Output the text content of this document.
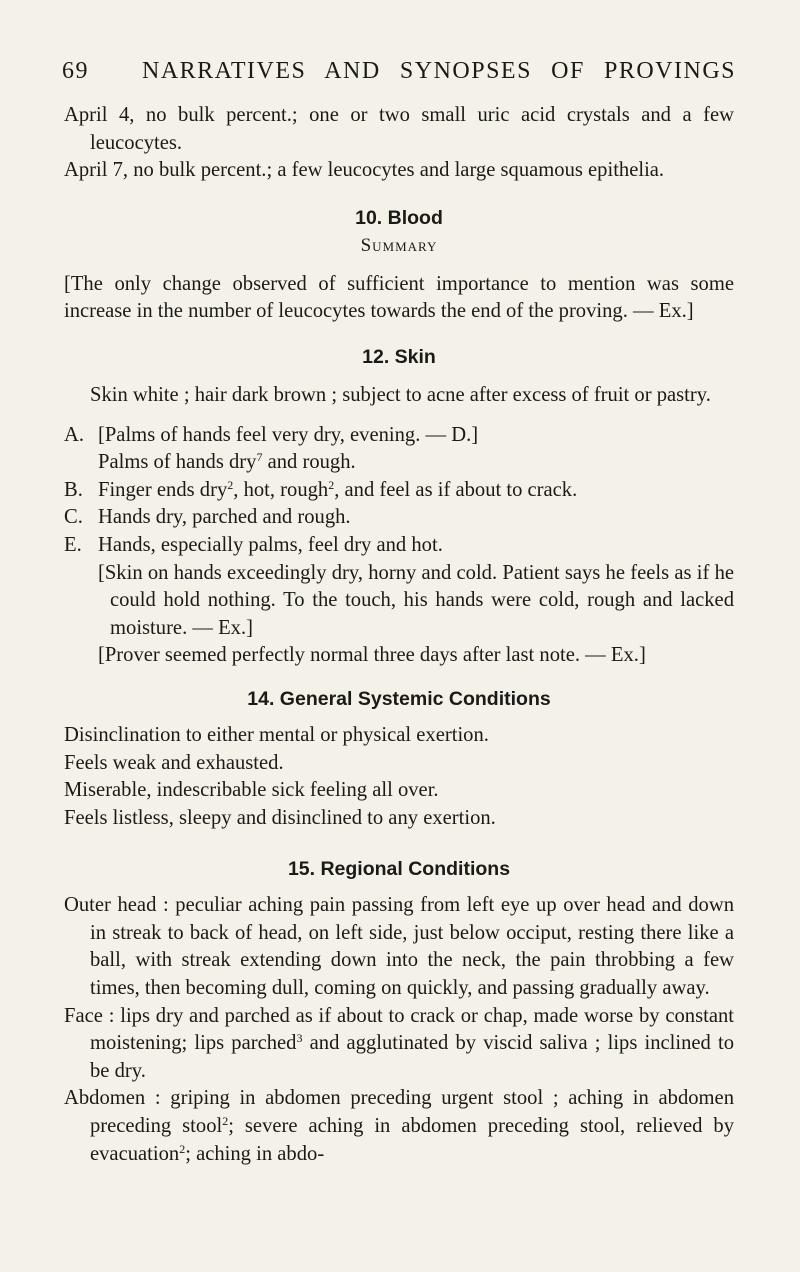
69 NARRATIVES AND SYNOPSES OF PROVINGS

April 4, no bulk percent.; one or two small uric acid crystals and a few leucocytes.

April 7, no bulk percent.; a few leucocytes and large squamous epithelia.

10. Blood
Summary

[The only change observed of sufficient importance to mention was some increase in the number of leucocytes towards the end of the proving. — Ex.]

12. Skin

Skin white ; hair dark brown ; subject to acne after excess of fruit or pastry.

A. [Palms of hands feel very dry, evening. — D.]

Palms of hands dry$^7$ and rough.

B. Finger ends dry$^2$, hot, rough$^2$, and feel as if about to crack.

C. Hands dry, parched and rough.

E. Hands, especially palms, feel dry and hot.

[Skin on hands exceedingly dry, horny and cold. Patient says he feels as if he could hold nothing. To the touch, his hands were cold, rough and lacked moisture. — Ex.]

[Prover seemed perfectly normal three days after last note. — Ex.]

14. General Systemic Conditions

Disinclination to either mental or physical exertion.

Feels weak and exhausted.

Miserable, indescribable sick feeling all over.

Feels listless, sleepy and disinclined to any exertion.

15. Regional Conditions

Outer head : peculiar aching pain passing from left eye up over head and down in streak to back of head, on left side, just below occiput, resting there like a ball, with streak extending down into the neck, the pain throbbing a few times, then becoming dull, coming on quickly, and passing gradually away.

Face : lips dry and parched as if about to crack or chap, made worse by constant moistening; lips parched$^3$ and agglutinated by viscid saliva ; lips inclined to be dry.

Abdomen : griping in abdomen preceding urgent stool ; aching in abdomen preceding stool$^2$; severe aching in abdomen preceding stool, relieved by evacuation$^2$; aching in abdo-
